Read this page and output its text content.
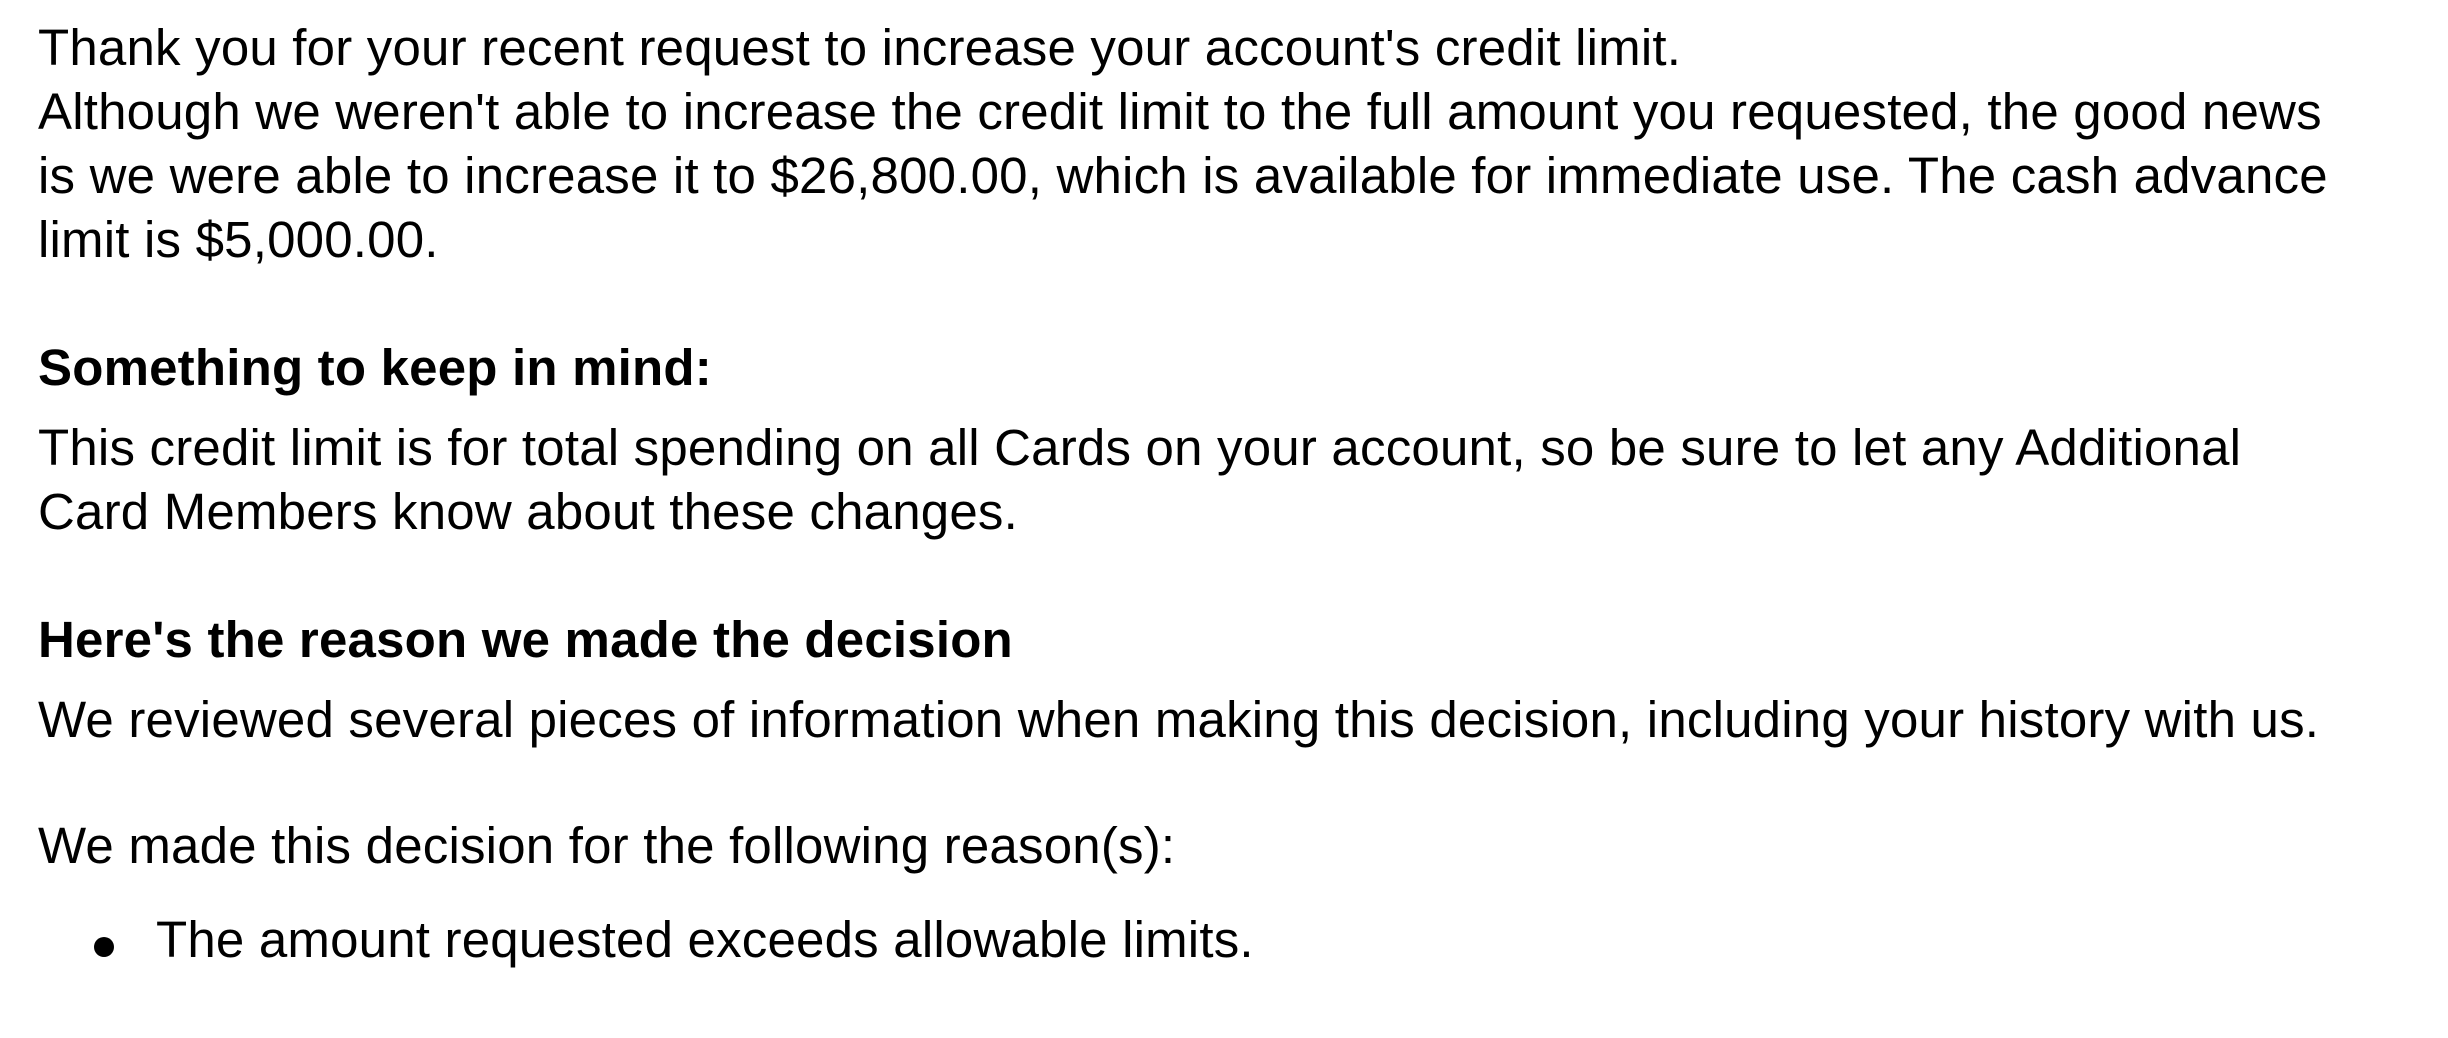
Thank you for your recent request to increase your account's credit limit.
Although we weren't able to increase the credit limit to the full amount you requested, the good news
is we were able to increase it to $26,800.00, which is available for immediate use. The cash advance
limit is $5,000.00.
Something to keep in mind:
This credit limit is for total spending on all Cards on your account, so be sure to let any Additional
Card Members know about these changes.
Here's the reason we made the decision
We reviewed several pieces of information when making this decision, including your history with us.
We made this decision for the following reason(s):
The amount requested exceeds allowable limits.
